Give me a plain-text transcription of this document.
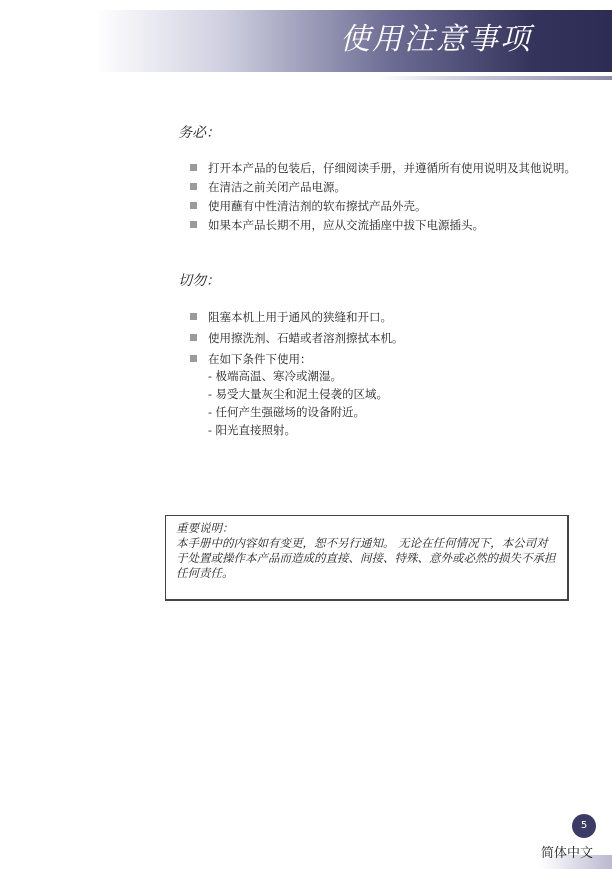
使用注意事项
务必：
打开本产品的包装后，仔细阅读手册，并遵循所有使用说明及其他说明。
在清洁之前关闭产品电源。
使用蘸有中性清洁剂的软布擦拭产品外壳。
如果本产品长期不用，应从交流插座中拔下电源插头。
切勿：
阻塞本机上用于通风的狭缝和开口。
使用擦洗剂、石蜡或者溶剂擦拭本机。
在如下条件下使用：
- 极端高温、寒冷或潮湿。
- 易受大量灰尘和泥土侵袭的区域。
- 任何产生强磁场的设备附近。
- 阳光直接照射。

重要说明：

本手册中的内容如有变更，恕不另行通知。 无论在任何情况下，本公司对于处置或操作本产品而造成的直接、间接、特殊、意外或必然的损失不承担任何责任。

5
简体中文
